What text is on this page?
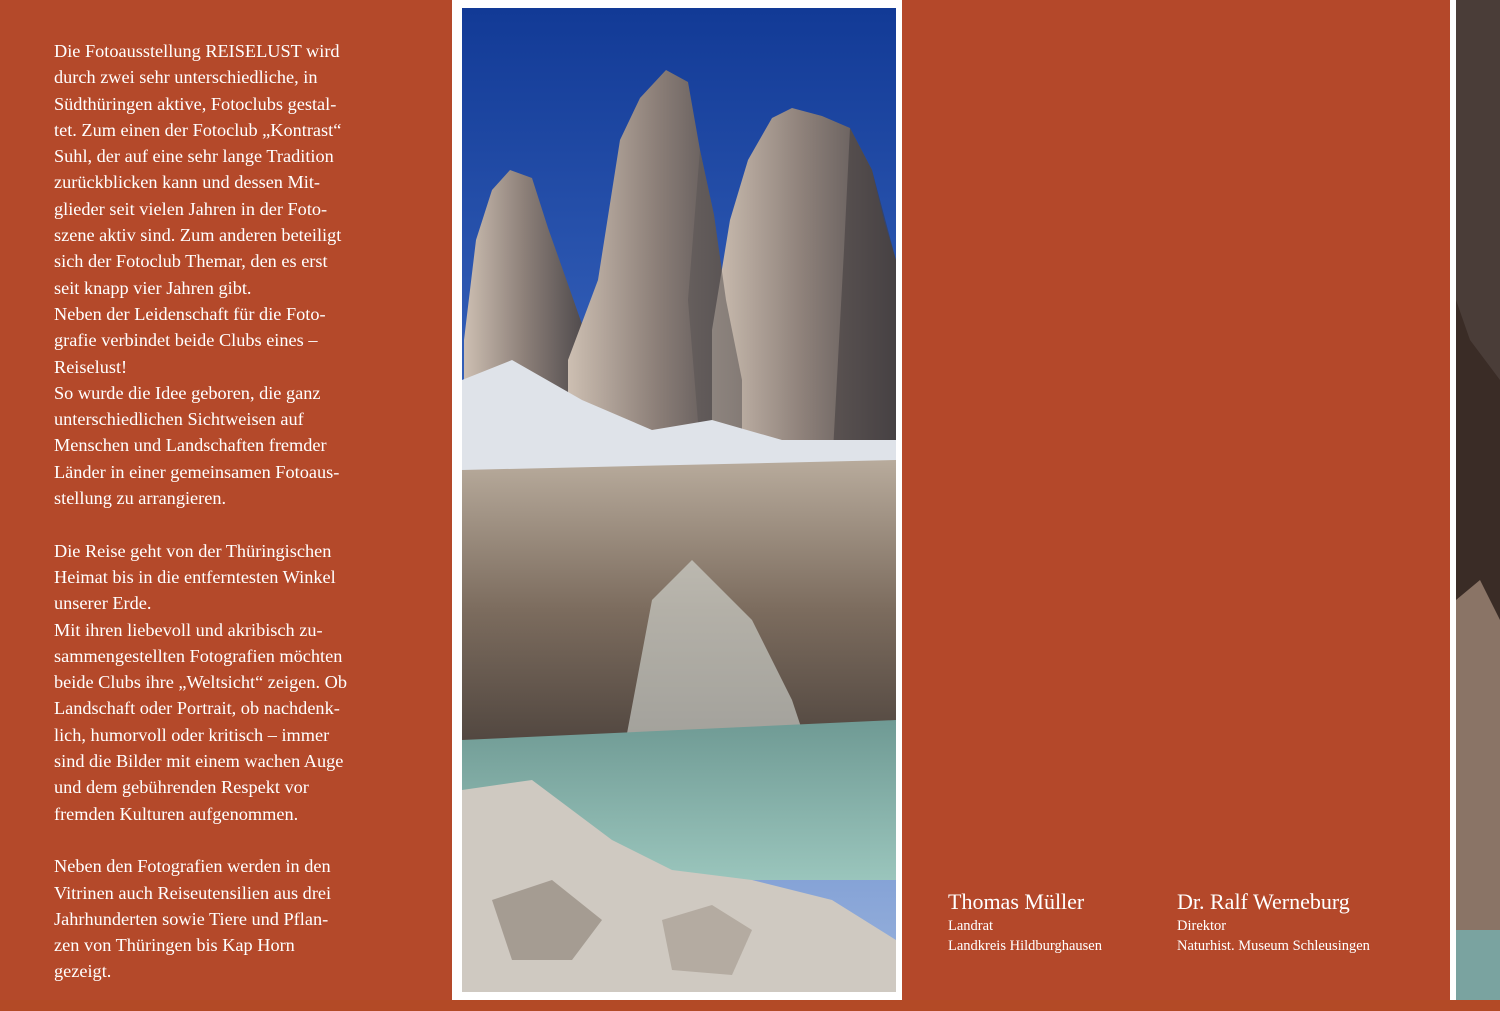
Die Fotoausstellung REISELUST wird
durch zwei sehr unterschiedliche, in
Südthüringen aktive, Fotoclubs gestal-
tet. Zum einen der Fotoclub „Kontrast“
Suhl, der auf eine sehr lange Tradition
zurückblicken kann und dessen Mit-
glieder seit vielen Jahren in der Foto-
szene aktiv sind. Zum anderen beteiligt
sich der Fotoclub Themar, den es erst
seit knapp vier Jahren gibt.
Neben der Leidenschaft für die Foto-
grafie verbindet beide Clubs eines –
Reiselust!
So wurde die Idee geboren, die ganz
unterschiedlichen Sichtweisen auf
Menschen und Landschaften fremder
Länder in einer gemeinsamen Fotoaus-
stellung zu arrangieren.

Die Reise geht von der Thüringischen
Heimat bis in die entferntesten Winkel
unserer Erde.
Mit ihren liebevoll und akribisch zu-
sammengestellten Fotografien möchten
beide Clubs ihre „Weltsicht“ zeigen. Ob
Landschaft oder Portrait, ob nachdenk-
lich, humorvoll oder kritisch – immer
sind die Bilder mit einem wachen Auge
und dem gebührenden Respekt vor
fremden Kulturen aufgenommen.

Neben den Fotografien werden in den
Vitrinen auch Reiseutensilien aus drei
Jahrhunderten sowie Tiere und Pflan-
zen von Thüringen bis Kap Horn
gezeigt.

Thomas Müller
Landrat
Landkreis Hildburghausen
Dr. Ralf Werneburg
Direktor
Naturhist. Museum Schleusingen
